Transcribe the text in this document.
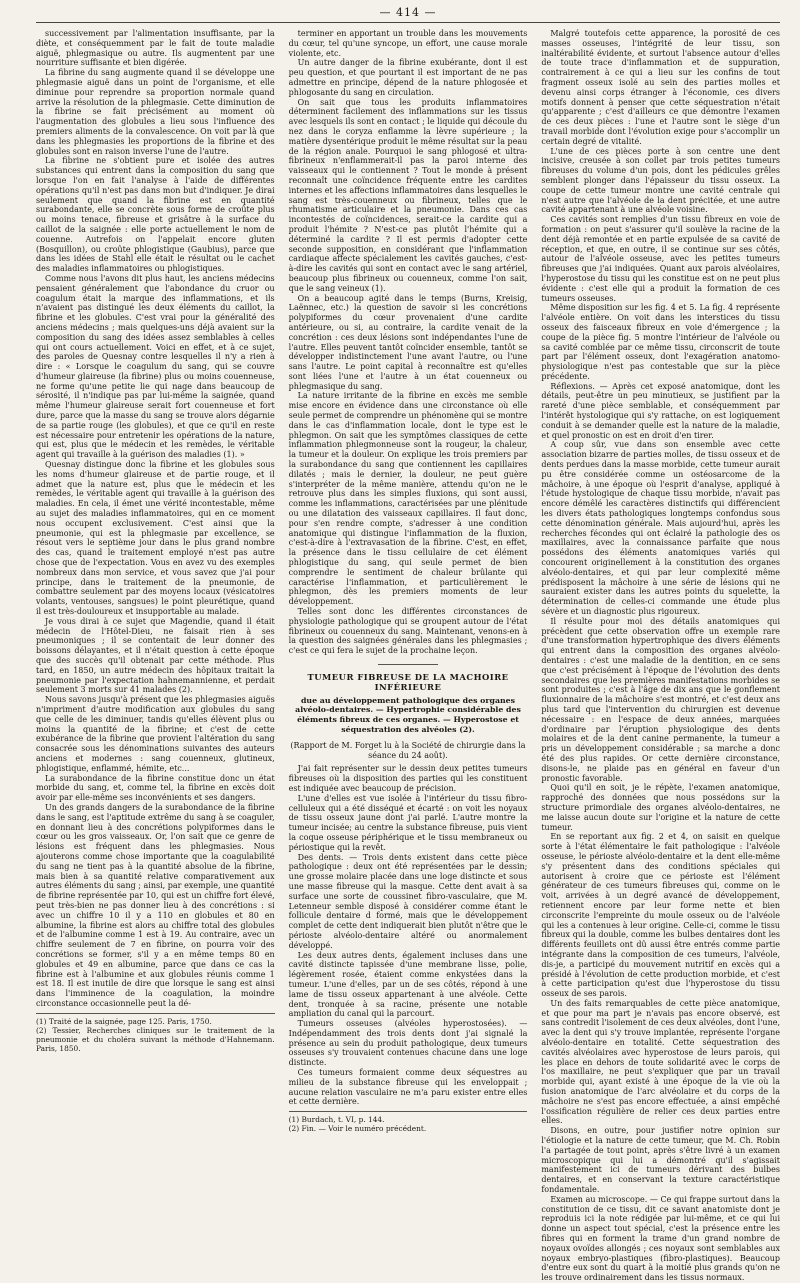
— 414 —

successivement par l'alimentation insuffisante, par la diète, et conséquemment par le fait de toute maladie aiguë, phlegmasique ou autre. Ils augmentent par une nourriture suffisante et bien digérée.

La fibrine du sang augmente quand il se développe une phlegmasie aiguë dans un point de l'organisme, et elle diminue pour reprendre sa proportion normale quand arrive la résolution de la phlegmasie. Cette diminution de la fibrine se fait précisément au moment où l'augmentation des globules a lieu sous l'influence des premiers aliments de la convalescence. On voit par là que dans les phlegmasies les proportions de la fibrine et des globules sont en raison inverse l'une de l'autre.

La fibrine ne s'obtient pure et isolée des autres substances qui entrent dans la composition du sang que lorsque l'on en fait l'analyse à l'aide de différentes opérations qu'il n'est pas dans mon but d'indiquer. Je dirai seulement que quand la fibrine est en quantité surabondante, elle se concrète sous forme de croûte plus ou moins tenace, fibreuse et grisâtre à la surface du caillot de la saignée : elle porte actuellement le nom de couenne. Autrefois on l'appelait encore gluten (Bosquillon), ou croûte phlogistique (Gaubius), parce que dans les idées de Stahl elle était le résultat ou le cachet des maladies inflammatoires ou phlogistiques.

Comme nous l'avons dit plus haut, les anciens médecins pensaient généralement que l'abondance du cruor ou coagulum était la marque des inflammations, et ils n'avaient pas distingué les deux éléments du caillot, la fibrine et les globules. C'est vrai pour la généralité des anciens médecins ; mais quelques-uns déjà avaient sur la composition du sang des idées assez semblables à celles qui ont cours actuellement. Voici en effet, et à ce sujet, des paroles de Quesnay contre lesquelles il n'y a rien à dire : « Lorsque le coagulum du sang, qui se couvre d'humeur glaireuse (la fibrine) plus ou moins couenneuse, ne forme qu'une petite lie qui nage dans beaucoup de sérosité, il n'indique pas par lui-même la saignée, quand même l'humeur glaireuse serait fort couenneuse et fort dure, parce que la masse du sang se trouve alors dégarnie de sa partie rouge (les globules), et que ce qu'il en reste est nécessaire pour entretenir les opérations de la nature, qui est, plus que le médecin et les remèdes, le véritable agent qui travaille à la guérison des maladies (1). »

Quesnay distingue donc la fibrine et les globules sous les noms d'humeur glaireuse et de partie rouge, et il admet que la nature est, plus que le médecin et les remèdes, le véritable agent qui travaille à la guérison des maladies. En cela, il émet une vérité incontestable, même au sujet des maladies inflammatoires, qui en ce moment nous occupent exclusivement. C'est ainsi que la pneumonie, qui est la phlegmasie par excellence, se résout vers le septième jour dans le plus grand nombre des cas, quand le traitement employé n'est pas autre chose que de l'expectation. Vous en avez vu des exemples nombreux dans mon service, et vous savez que j'ai pour principe, dans le traitement de la pneumonie, de combattre seulement par des moyens locaux (vésicatoires volants, ventouses, sangsues) le point pleurétique, quand il est très-douloureux et insupportable au malade.

Je vous dirai à ce sujet que Magendie, quand il était médecin de l'Hôtel-Dieu, ne faisait rien à ses pneumoniques ; il se contentait de leur donner des boissons délayantes, et il n'était question à cette époque que des succès qu'il obtenait par cette méthode. Plus tard, en 1850, un autre médecin des hôpitaux traitait la pneumonie par l'expectation hahnemannienne, et perdait seulement 3 morts sur 41 malades (2).

Nous savons jusqu'à présent que les phlegmasies aiguës n'impriment d'autre modification aux globules du sang que celle de les diminuer, tandis qu'elles élèvent plus ou moins la quantité de la fibrine; et c'est de cette exubérance de la fibrine que provient l'altération du sang consacrée sous les dénominations suivantes des auteurs anciens et modernes : sang couenneux, glutineux, phlogistique, enflammé, hémite, etc...

La surabondance de la fibrine constitue donc un état morbide du sang, et, comme tel, la fibrine en excès doit avoir par elle-même ses inconvénients et ses dangers.

Un des grands dangers de la surabondance de la fibrine dans le sang, est l'aptitude extrême du sang à se coaguler, en donnant lieu à des concrétions polypiformes dans le cœur ou les gros vaisseaux. Or, l'on sait que ce genre de lésions est fréquent dans les phlegmasies. Nous ajouterons comme chose importante que la coagulabilité du sang ne tient pas à la quantité absolue de la fibrine, mais bien à sa quantité relative comparativement aux autres éléments du sang ; ainsi, par exemple, une quantité de fibrine représentée par 10, qui est un chiffre fort élevé, peut très-bien ne pas donner lieu à des concrétions : si avec un chiffre 10 il y a 110 en globules et 80 en albumine, la fibrine est alors au chiffre total des globules et de l'albumine comme 1 est à 19. Au contraire, avec un chiffre seulement de 7 en fibrine, on pourra voir des concrétions se former, s'il y a en même temps 80 en globules et 49 en albumine, parce que dans ce cas la fibrine est à l'albumine et aux globules réunis comme 1 est 18. Il est inutile de dire que lorsque le sang est ainsi dans l'imminence de la coagulation, la moindre circonstance occasionnelle peut la dé-

(1) Traité de la saignée, page 125. Paris, 1750.

(2) Tessier, Recherches cliniques sur le traitement de la pneumonie et du choléra suivant la méthode d'Hahnemann. Paris, 1850.

terminer en apportant un trouble dans les mouvements du cœur, tel qu'une syncope, un effort, une cause morale violente, etc.

Un autre danger de la fibrine exubérante, dont il est peu question, et que pourtant il est important de ne pas admettre en principe, dépend de la nature phlogosée et phlogosante du sang en circulation.

On sait que tous les produits inflammatoires déterminent facilement des inflammations sur les tissus avec lesquels ils sont en contact ; le liquide qui découle du nez dans le coryza enflamme la lèvre supérieure ; la matière dysentérique produit le même résultat sur la peau de la région anale. Pourquoi le sang phlogosé et ultra-fibrineux n'enflammerait-il pas la paroi interne des vaisseaux qui le contiennent ? Tout le monde à présent reconnaît une coïncidence fréquente entre les cardites internes et les affections inflammatoires dans lesquelles le sang est très-couenneux ou fibrineux, telles que le rhumatisme articulaire et la pneumonie. Dans ces cas incontestés de coïncidences, serait-ce la cardite qui a produit l'hémite ? N'est-ce pas plutôt l'hémite qui a déterminé la cardite ? Il est permis d'adopter cette seconde supposition, en considérant que l'inflammation cardiaque affecte spécialement les cavités gauches, c'est-à-dire les cavités qui sont en contact avec le sang artériel, beaucoup plus fibrineux ou couenneux, comme l'on sait, que le sang veineux (1).

On a beaucoup agité dans le temps (Burns, Kreisig, Laënnec, etc.) la question de savoir si les concrétions polypiformes du cœur provenaient d'une cardite antérieure, ou si, au contraire, la cardite venait de la concrétion : ces deux lésions sont indépendantes l'une de l'autre. Elles peuvent tantôt coïncider ensemble, tantôt se développer indistinctement l'une avant l'autre, ou l'une sans l'autre. Le point capital à reconnaître est qu'elles sont liées l'une et l'autre à un état couenneux ou phlegmasique du sang.

La nature irritante de la fibrine en excès me semble mise encore en évidence dans une circonstance où elle seule permet de comprendre un phénomène qui se montre dans le cas d'inflammation locale, dont le type est le phlegmon. On sait que les symptômes classiques de cette inflammation phlegmonneuse sont la rougeur, la chaleur, la tumeur et la douleur. On explique les trois premiers par la surabondance du sang que contiennent les capillaires dilatés ; mais le dernier, la douleur, ne peut guère s'interpréter de la même manière, attendu qu'on ne le retrouve plus dans les simples fluxions, qui sont aussi, comme les inflammations, caractérisées par une plénitude ou une dilatation des vaisseaux capillaires. Il faut donc, pour s'en rendre compte, s'adresser à une condition anatomique qui distingue l'inflammation de la fluxion, c'est-à-dire à l'extravasation de la fibrine. C'est, en effet, la présence dans le tissu cellulaire de cet élément phlogistique du sang, qui seule permet de bien comprendre le sentiment de chaleur brûlante qui caractérise l'inflammation, et particulièrement le phlegmon, dès les premiers moments de leur développement.

Telles sont donc les différentes circonstances de physiologie pathologique qui se groupent autour de l'état fibrineux ou couenneux du sang. Maintenant, venons-en à la question des saignées générales dans les phlegmasies ; c'est ce qui fera le sujet de la prochaine leçon.

TUMEUR FIBREUSE DE LA MACHOIRE INFÉRIEURE
due au développement pathologique des organes alvéolo-dentaires. — Hypertrophie considérable des éléments fibreux de ces organes. — Hyperostose et séquestration des alvéoles (2).

(Rapport de M. Forget lu à la Société de chirurgie dans la séance du 24 août).

J'ai fait représenter sur le dessin deux petites tumeurs fibreuses où la disposition des parties qui les constituent est indiquée avec beaucoup de précision.

L'une d'elles est vue isolée à l'intérieur du tissu fibro-celluleux qui a été disséqué et écarté : on voit les noyaux de tissu osseux jaune dont j'ai parlé. L'autre montre la tumeur incisée; au centre la substance fibreuse, puis vient la coque osseuse périphérique et le tissu membraneux ou périostique qui la revêt.

Des dents. — Trois dents existent dans cette pièce pathologique : deux ont été représentées par le dessin; une grosse molaire placée dans une loge distincte et sous une masse fibreuse qui la masque. Cette dent avait à sa surface une sorte de coussinet fibro-vasculaire, que M. Letenneur semble disposé à considérer comme étant le follicule dentaire d formé, mais que le développement complet de cette dent indiquerait bien plutôt n'être que le périoste alvéolo-dentaire altéré ou anormalement développé.

Les deux autres dents, également incluses dans une cavité distincte tapissée d'une membrane lisse, polie, légèrement rosée, étaient comme enkystées dans la tumeur. L'une d'elles, par un de ses côtés, répond à une lame de tissu osseux appartenant à une alvéole. Cette dent, tronquée à sa racine, présente une notable ampliation du canal qui la parcourt.

Tumeurs osseuses (alvéoles hyperostosées). — Indépendamment des trois dents dont j'ai signalé la présence au sein du produit pathologique, deux tumeurs osseuses s'y trouvaient contenues chacune dans une loge distincte.

Ces tumeurs formaient comme deux séquestres au milieu de la substance fibreuse qui les enveloppait ; aucune relation vasculaire ne m'a paru exister entre elles et cette dernière.

(1) Burdach, t. VI, p. 144.

(2) Fin. — Voir le numéro précédent.

Malgré toutefois cette apparence, la porosité de ces masses osseuses, l'intégrité de leur tissu, son inaltérabilité évidente, et surtout l'absence autour d'elles de toute trace d'inflammation et de suppuration, contrairement à ce qui a lieu sur les confins de tout fragment osseux isolé au sein des parties molles et devenu ainsi corps étranger à l'économie, ces divers motifs donnent à penser que cette séquestration n'était qu'apparente ; c'est d'ailleurs ce que démontre l'examen de ces deux pièces : l'une et l'autre sont le siège d'un travail morbide dont l'évolution exige pour s'accomplir un certain degré de vitalité.

L'une de ces pièces porte à son centre une dent incisive, creusée à son collet par trois petites tumeurs fibreuses du volume d'un pois, dont les pédicules grêles semblent plonger dans l'épaisseur du tissu osseux. La coupe de cette tumeur montre une cavité centrale qui n'est autre que l'alvéole de la dent précitée, et une autre cavité appartenant à une alvéole voisine.

Ces cavités sont remplies d'un tissu fibreux en voie de formation : on peut s'assurer qu'il soulève la racine de la dent déjà remontée et en partie expulsée de sa cavité de réception, et que, en outre, il se continue sur ses côtés, autour de l'alvéole osseuse, avec les petites tumeurs fibreuses que j'ai indiquées. Quant aux parois alvéolaires, l'hyperostose du tissu qui les constitue est on ne peut plus évidente : c'est elle qui a produit la formation de ces tumeurs osseuses.

Même disposition sur les fig. 4 et 5. La fig. 4 représente l'alvéole entière. On voit dans les interstices du tissu osseux des faisceaux fibreux en voie d'émergence ; la coupe de la pièce fig. 5 montre l'intérieur de l'alvéole ou sa cavité comblée par ce même tissu, circonscrit de toute part par l'élément osseux, dont l'exagération anatomo-physiologique n'est pas contestable que sur la pièce précédente.

Réflexions. — Après cet exposé anatomique, dont les détails, peut-être un peu minutieux, se justifient par la rareté d'une pièce semblable, et conséquemment par l'intérêt hystologique qui s'y rattache, on est logiquement conduit à se demander quelle est la nature de la maladie, et quel pronostic on est en droit d'en tirer.

A coup sûr, vue dans son ensemble avec cette association bizarre de parties molles, de tissu osseux et de dents perdues dans la masse morbide, cette tumeur aurait pu être considérée comme un ostéosarcome de la mâchoire, à une époque où l'esprit d'analyse, appliqué à l'étude hystologique de chaque tissu morbide, n'avait pas encore démêlé les caractères distinctifs qui différencient les divers états pathologiques longtemps confondus sous cette dénomination générale. Mais aujourd'hui, après les recherches fécondes qui ont éclairé la pathologie des os maxillaires, avec la connaissance parfaite que nous possédons des éléments anatomiques variés qui concourent originellement à la constitution des organes alvéolo-dentaires, et qui par leur complexité même prédisposent la mâchoire à une série de lésions qui ne sauraient exister dans les autres points du squelette, la détermination de celles-ci commande une étude plus sévère et un diagnostic plus rigoureux.

Il résulte pour moi des détails anatomiques qui précèdent que cette observation offre un exemple rare d'une transformation hypertrophique des divers éléments qui entrent dans la composition des organes alvéolo-dentaires : c'est une maladie de la dentition, en ce sens que c'est précisément à l'époque de l'évolution des dents secondaires que les premières manifestations morbides se sont produites ; c'est à l'âge de dix ans que le gonflement fluxionnaire de la mâchoire s'est montré, et c'est deux ans plus tard que l'intervention du chirurgien est devenue nécessaire : en l'espace de deux années, marquées d'ordinaire par l'éruption physiologique des dents molaires et de la dent canine permanente, la tumeur a pris un développement considérable ; sa marche a donc été des plus rapides. Or cette dernière circonstance, disons-le, ne plaide pas en général en faveur d'un pronostic favorable.

Quoi qu'il en soit, je le répète, l'examen anatomique, rapproché des données que nous possédons sur la structure primordiale des organes alvéolo-dentaires, ne me laisse aucun doute sur l'origine et la nature de cette tumeur.

En se reportant aux fig. 2 et 4, on saisit en quelque sorte à l'état élémentaire le fait pathologique : l'alvéole osseuse, le périoste alvéolo-dentaire et la dent elle-même s'y présentent dans des conditions spéciales qui autorisent à croire que ce périoste est l'élément générateur de ces tumeurs fibreuses qui, comme on le voit, arrivées à un degré avancé de développement, retiennent encore par leur forme nette et bien circonscrite l'empreinte du moule osseux ou de l'alvéole qui les a contenues à leur origine. Celle-ci, comme le tissu fibreux qui la double, comme les bulbes dentaires dont les différents feuillets ont dû aussi être entrés comme partie intégrante dans la composition de ces tumeurs, l'alvéole, dis-je, a participé du mouvement nutritif en excès qui a présidé à l'évolution de cette production morbide, et c'est à cette participation qu'est due l'hyperostose du tissu osseux de ses parois.

Un des faits remarquables de cette pièce anatomique, et que pour ma part je n'avais pas encore observé, est sans contredit l'isolement de ces deux alvéoles, dont l'une, avec la dent qui s'y trouve implantée, représente l'organe alvéolo-dentaire en totalité. Cette séquestration des cavités alvéolaires avec hyperostose de leurs parois, qui les place en dehors de toute solidarité avec le corps de l'os maxillaire, ne peut s'expliquer que par un travail morbide qui, ayant existé à une époque de la vie où la fusion anatomique de l'arc alvéolaire et du corps de la mâchoire ne s'est pas encore effectuée, a ainsi empêché l'ossification régulière de relier ces deux parties entre elles.

Disons, en outre, pour justifier notre opinion sur l'étiologie et la nature de cette tumeur, que M. Ch. Robin l'a partagée de tout point, après s'être livré à un examen microscopique qui lui a démontré qu'il s'agissait manifestement ici de tumeurs dérivant des bulbes dentaires, et en conservant la texture caractéristique fondamentale.

Examen au microscope. — Ce qui frappe surtout dans la constitution de ce tissu, dit ce savant anatomiste dont je reproduis ici la note rédigée par lui-même, et ce qui lui donne un aspect tout spécial, c'est la présence entre les fibres qui en forment la trame d'un grand nombre de noyaux ovoïdes allongés ; ces noyaux sont semblables aux noyaux embryo-plastiques (fibro-plastiques). Beaucoup d'entre eux sont du quart à la moitié plus grands qu'on ne les trouve ordinairement dans les tissus normaux.
